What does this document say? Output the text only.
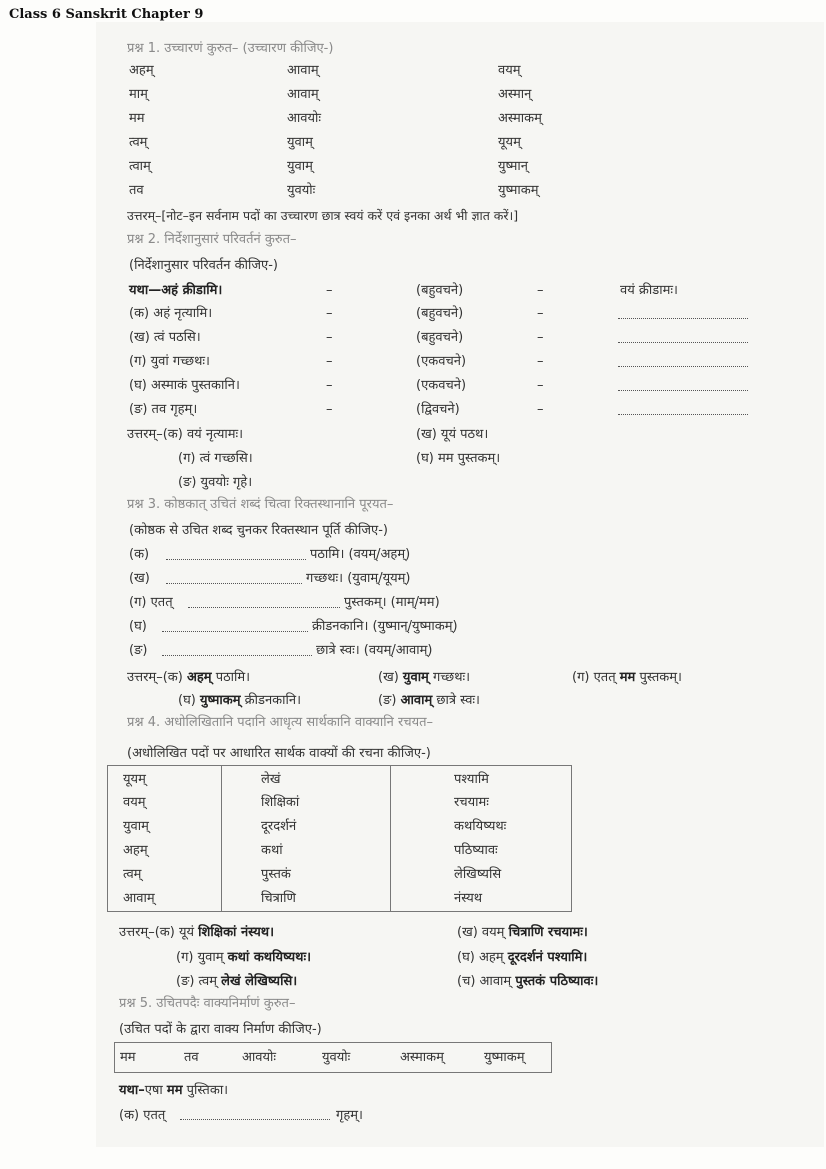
Class 6 Sanskrit Chapter 9
प्रश्न 1. उच्चारणं कुरुत– (उच्चारण कीजिए-)
अहम्	आवाम्	वयम्
माम्	आवाम्	अस्मान्
मम	आवयोः	अस्माकम्
त्वम्	युवाम्	यूयम्
त्वाम्	युवाम्	युष्मान्
तव	युवयोः	युष्माकम्
उत्तरम्–[नोट–इन सर्वनाम पदों का उच्चारण छात्र स्वयं करें एवं इनका अर्थ भी ज्ञात करें।]
प्रश्न 2. निर्देशानुसारं परिवर्तनं कुरुत–
(निर्देशानुसार परिवर्तन कीजिए-)
यथा—अहं क्रीडामि।	–	(बहुवचने)	–	वयं क्रीडामः।
(क) अहं नृत्यामि।	–	(बहुवचने)	–
(ख) त्वं पठसि।	–	(बहुवचने)	–
(ग) युवां गच्छथः।	–	(एकवचने)	–
(घ) अस्माकं पुस्तकानि।	–	(एकवचने)	–
(ङ) तव गृहम्।	–	(द्विवचने)	–
उत्तरम्–(क) वयं नृत्यामः।	(ख) यूयं पठथ।
(ग) त्वं गच्छसि।	(घ) मम पुस्तकम्।
(ङ) युवयोः गृहे।
प्रश्न 3. कोष्ठकात् उचितं शब्दं चित्वा रिक्तस्थानानि पूरयत–
(कोष्ठक से उचित शब्द चुनकर रिक्तस्थान पूर्ति कीजिए-)
(क)	पठामि। (वयम्/अहम्)
(ख)	गच्छथः। (युवाम्/यूयम्)
(ग) एतत्	पुस्तकम्। (माम्/मम)
(घ)	क्रीडनकानि। (युष्मान्/युष्माकम्)
(ङ)	छात्रे स्वः। (वयम्/आवाम्)
उत्तरम्–(क) अहम् पठामि।	(ख) युवाम् गच्छथः।	(ग) एतत् मम पुस्तकम्।
(घ) युष्माकम् क्रीडनकानि।	(ङ) आवाम् छात्रे स्वः।
प्रश्न 4. अधोलिखितानि पदानि आधृत्य सार्थकानि वाक्यानि रचयत–
(अधोलिखित पदों पर आधारित सार्थक वाक्यों की रचना कीजिए-)
यूयम्	लेखं	पश्यामि
वयम्	शिक्षिकां	रचयामः
युवाम्	दूरदर्शनं	कथयिष्यथः
अहम्	कथां	पठिष्यावः
त्वम्	पुस्तकं	लेखिष्यसि
आवाम्	चित्राणि	नंस्यथ
उत्तरम्–(क) यूयं शिक्षिकां नंस्यथ।	(ख) वयम् चित्राणि रचयामः।
(ग) युवाम् कथां कथयिष्यथः।	(घ) अहम् दूरदर्शनं पश्यामि।
(ङ) त्वम् लेखं लेखिष्यसि।	(च) आवाम् पुस्तकं पठिष्यावः।
प्रश्न 5. उचितपदैः वाक्यनिर्माणं कुरुत–
(उचित पदों के द्वारा वाक्य निर्माण कीजिए-)
मम	तव	आवयोः	युवयोः	अस्माकम्	युष्माकम्
यथा–एषा मम पुस्तिका।
(क) एतत्	गृहम्।
